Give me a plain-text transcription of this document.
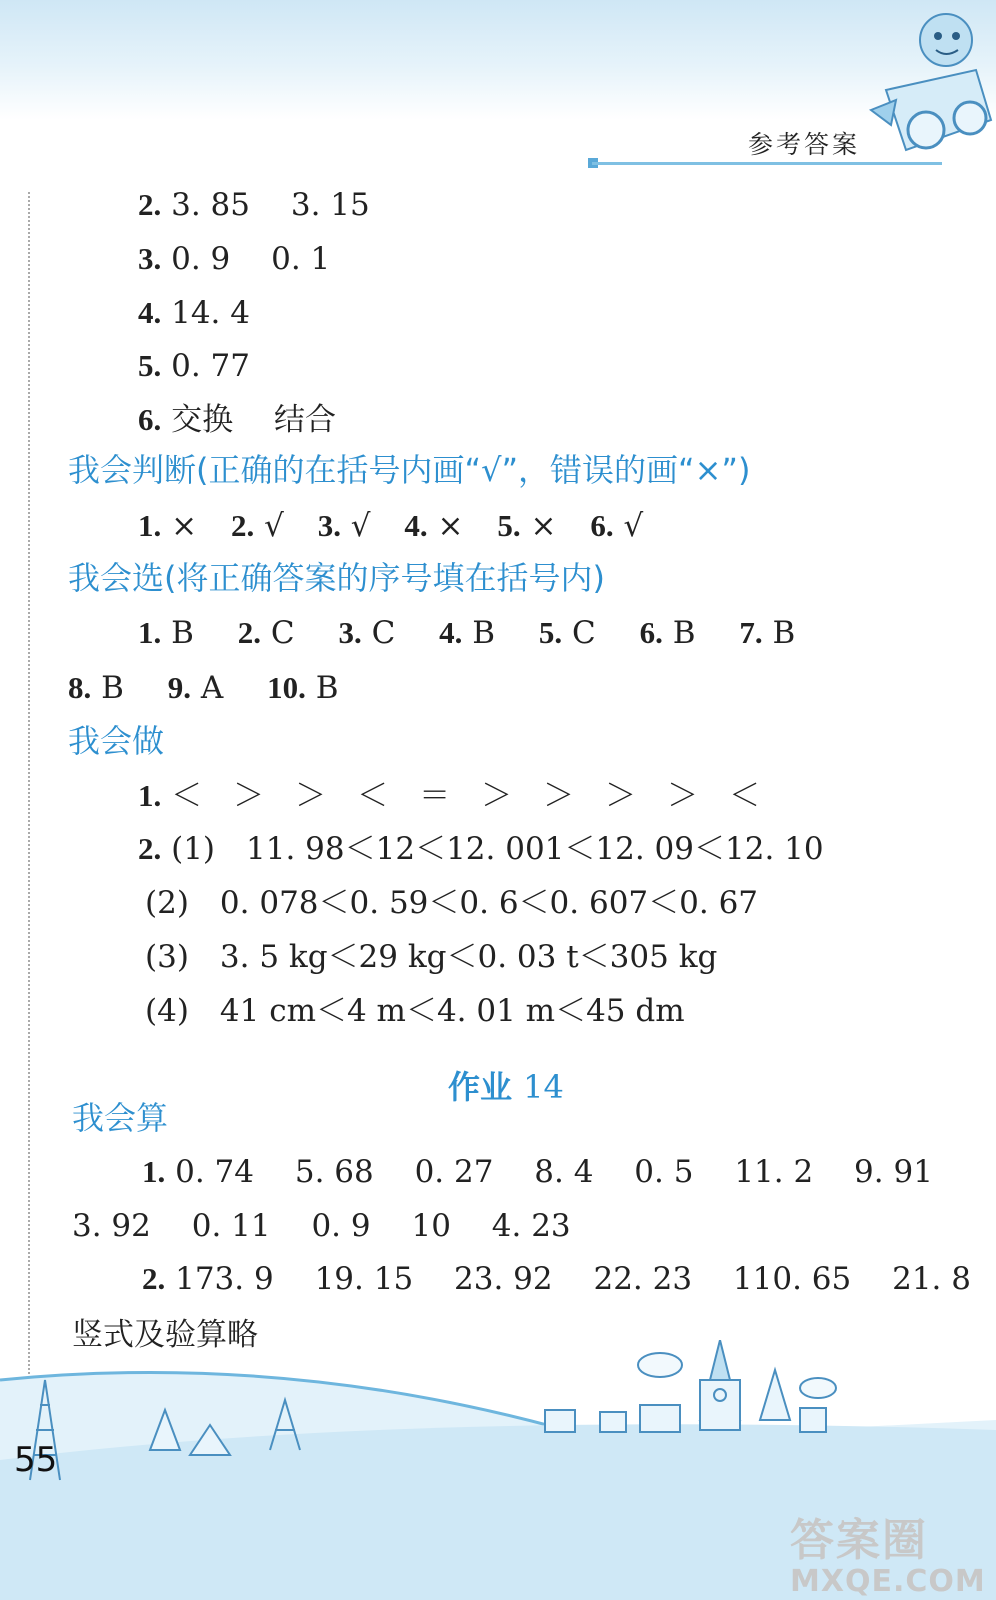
参考答案
2. 3. 85　 3. 15
3. 0. 9　 0. 1
4. 14. 4
5. 0. 77
6. 交换　 结合
我会判断(正确的在括号内画“√”，错误的画“×”)
1. × 2. √ 3. √ 4. × 5. × 6. √
我会选(将正确答案的序号填在括号内)
1. B 2. C 3. C 4. B 5. C 6. B 7. B
8. B 9. A 10. B
我会做
1. ＜　＞　＞　＜　＝　＞　＞　＞　＞　＜
2. (1)　11. 98＜12＜12. 001＜12. 09＜12. 10
(2)　0. 078＜0. 59＜0. 6＜0. 607＜0. 67
(3)　3. 5 kg＜29 kg＜0. 03 t＜305 kg
(4)　41 cm＜4 m＜4. 01 m＜45 dm
作业 14
我会算
1. 0. 74　 5. 68　 0. 27　 8. 4　 0. 5　 11. 2　 9. 91
3. 92　 0. 11　 0. 9　 10　 4. 23
2. 173. 9　 19. 15　 23. 92　 22. 23　 110. 65　 21. 8
竖式及验算略
55
答案圈
MXQE.COM
